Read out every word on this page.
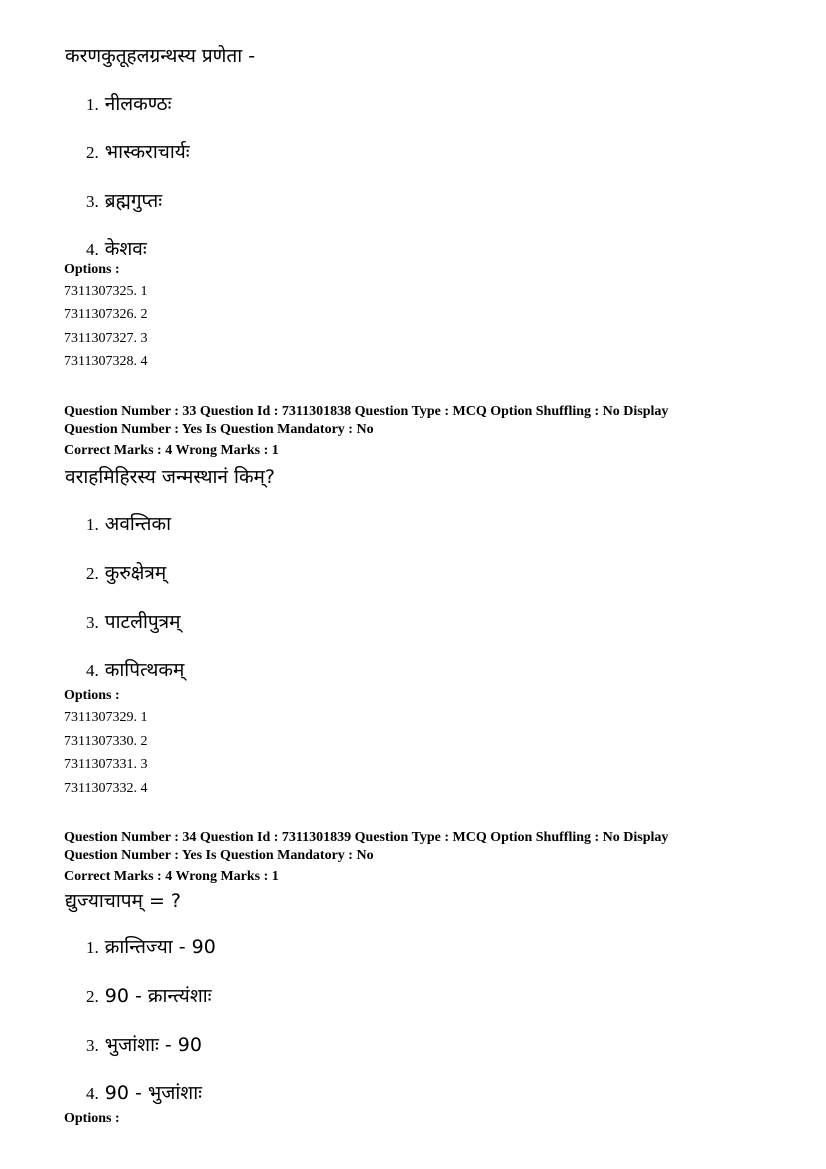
करणकुतूहलग्रन्थस्य प्रणेता -
1. नीलकण्ठः
2. भास्कराचार्यः
3. ब्रह्मगुप्तः
4. केशवः
Options :
7311307325. 1
7311307326. 2
7311307327. 3
7311307328. 4
Question Number : 33 Question Id : 7311301838 Question Type : MCQ Option Shuffling : No Display
Question Number : Yes Is Question Mandatory : No
Correct Marks : 4 Wrong Marks : 1
वराहमिहिरस्य जन्मस्थानं किम्?
1. अवन्तिका
2. कुरुक्षेत्रम्
3. पाटलीपुत्रम्
4. कापित्थकम्
Options :
7311307329. 1
7311307330. 2
7311307331. 3
7311307332. 4
Question Number : 34 Question Id : 7311301839 Question Type : MCQ Option Shuffling : No Display
Question Number : Yes Is Question Mandatory : No
Correct Marks : 4 Wrong Marks : 1
द्युज्याचापम् = ?
1. क्रान्तिज्या - 90
2. 90 - क्रान्त्यंशाः
3. भुजांशाः - 90
4. 90 - भुजांशाः
Options :
